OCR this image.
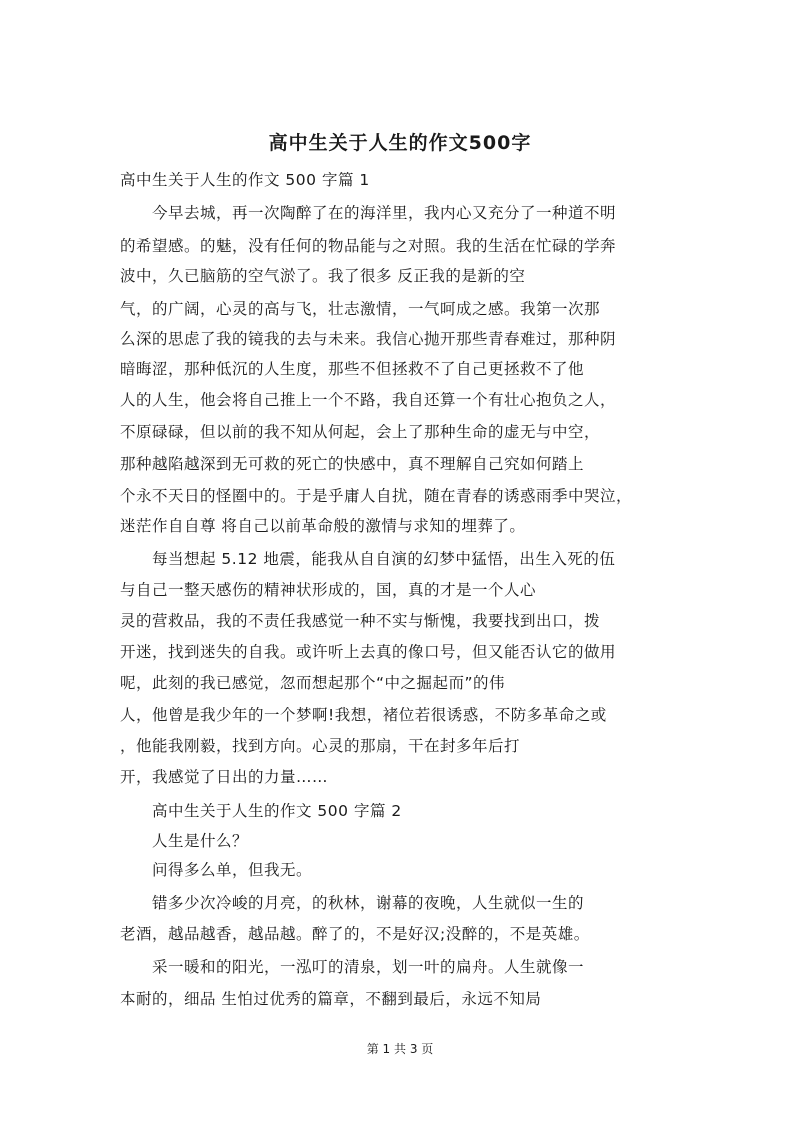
高中生关于人生的作文500字

高中生关于人生的作文 500 字篇 1

今早去城，再一次陶醉了在的海洋里，我内心又充分了一种道不明

的希望感。的魅，没有任何的物品能与之对照。我的生活在忙碌的学奔

波中，久已脑筋的空气淤了。我了很多 反正我的是新的空

气，的广阔，心灵的高与飞，壮志激情，一气呵成之感。我第一次那

么深的思虑了我的镜我的去与未来。我信心抛开那些青春难过，那种阴

暗晦涩，那种低沉的人生度，那些不但拯救不了自己更拯救不了他

人的人生，他会将自己推上一个不路，我自还算一个有壮心抱负之人，

不原碌碌，但以前的我不知从何起，会上了那种生命的虚无与中空，

那种越陷越深到无可救的死亡的快感中，真不理解自己究如何踏上

个永不天日的怪圈中的。于是乎庸人自扰，随在青春的诱惑雨季中哭泣，

迷茫作自自尊 将自己以前革命般的激情与求知的埋葬了。

每当想起 5.12 地震，能我从自自演的幻梦中猛悟，出生入死的伍

与自己一整天感伤的精神状形成的，国，真的才是一个人心

灵的营救品，我的不责任我感觉一种不实与惭愧，我要找到出口，拨

开迷，找到迷失的自我。或许听上去真的像口号，但又能否认它的做用

呢，此刻的我已感觉，忽而想起那个“中之掘起而”的伟

人，他曾是我少年的一个梦啊!我想，褚位若很诱惑，不防多革命之或

，他能我刚毅，找到方向。心灵的那扇，干在封多年后打

开，我感觉了日出的力量……

高中生关于人生的作文 500 字篇 2

人生是什么？

问得多么单，但我无。

错多少次冷峻的月亮，的秋林，谢幕的夜晚，人生就似一生的

老酒，越品越香，越品越。醉了的，不是好汉;没醉的，不是英雄。

采一暖和的阳光，一泓叮的清泉，划一叶的扁舟。人生就像一

本耐的，细品 生怕过优秀的篇章，不翻到最后，永远不知局

第 1 共 3 页
